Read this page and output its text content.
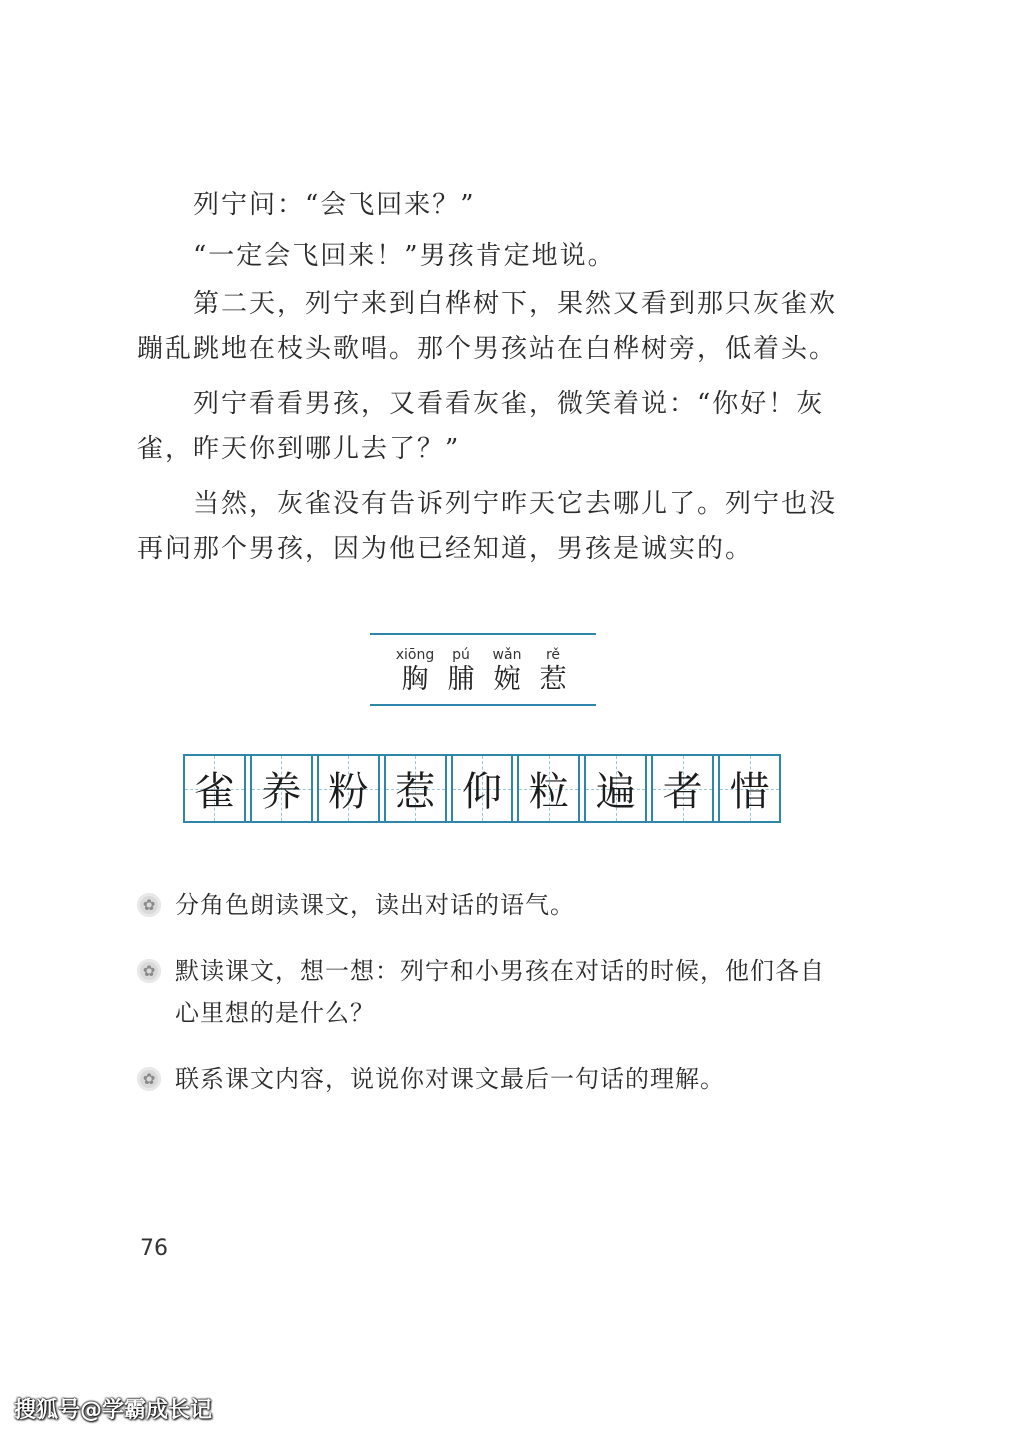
列宁问：“会飞回来？”

“一定会飞回来！”男孩肯定地说。

第二天，列宁来到白桦树下，果然又看到那只灰雀欢蹦乱跳地在枝头歌唱。那个男孩站在白桦树旁，低着头。

列宁看看男孩，又看看灰雀，微笑着说：“你好！灰雀，昨天你到哪儿去了？”

当然，灰雀没有告诉列宁昨天它去哪儿了。列宁也没再问那个男孩，因为他已经知道，男孩是诚实的。

xiōng
胸
pú
脯
wǎn
婉
rě
惹
雀 养 粉 惹 仰 粒 遍 者 惜
✿
分角色朗读课文，读出对话的语气。
✿
默读课文，想一想：列宁和小男孩在对话的时候，他们各自心里想的是什么？
✿
联系课文内容，说说你对课文最后一句话的理解。
76
搜狐号@学霸成长记
